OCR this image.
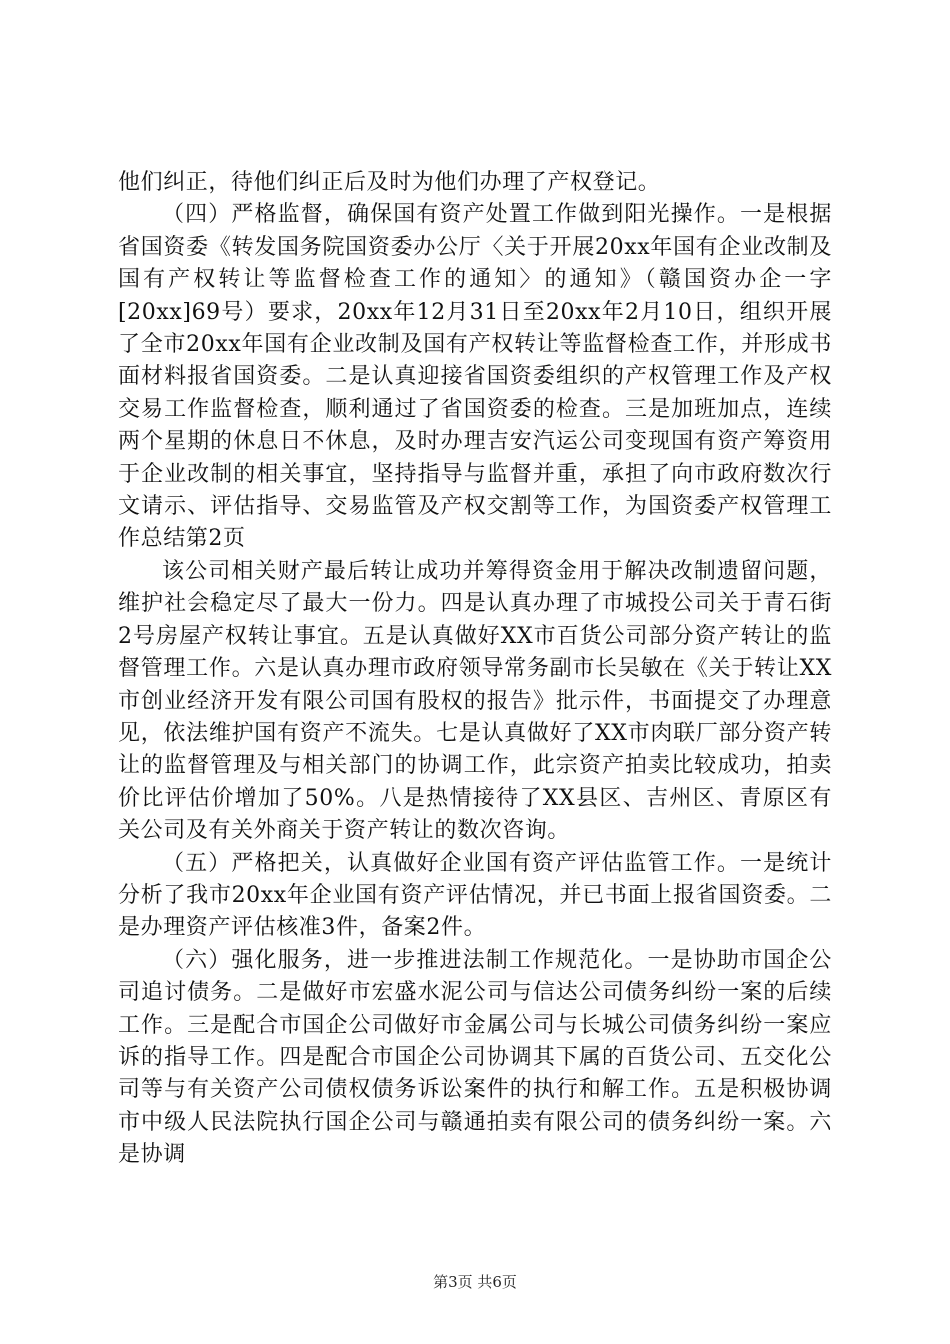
他们纠正，待他们纠正后及时为他们办理了产权登记。

（四）严格监督，确保国有资产处置工作做到阳光操作。一是根据省国资委《转发国务院国资委办公厅〈关于开展20xx年国有企业改制及国有产权转让等监督检查工作的通知〉的通知》（赣国资办企一字[20xx]69号）要求，20xx年12月31日至20xx年2月10日，组织开展了全市20xx年国有企业改制及国有产权转让等监督检查工作，并形成书面材料报省国资委。二是认真迎接省国资委组织的产权管理工作及产权交易工作监督检查，顺利通过了省国资委的检查。三是加班加点，连续两个星期的休息日不休息，及时办理吉安汽运公司变现国有资产筹资用于企业改制的相关事宜，坚持指导与监督并重，承担了向市政府数次行文请示、评估指导、交易监管及产权交割等工作，为国资委产权管理工作总结第2页

该公司相关财产最后转让成功并筹得资金用于解决改制遗留问题，维护社会稳定尽了最大一份力。四是认真办理了市城投公司关于青石街2号房屋产权转让事宜。五是认真做好XX市百货公司部分资产转让的监督管理工作。六是认真办理市政府领导常务副市长吴敏在《关于转让XX市创业经济开发有限公司国有股权的报告》批示件，书面提交了办理意见，依法维护国有资产不流失。七是认真做好了XX市肉联厂部分资产转让的监督管理及与相关部门的协调工作，此宗资产拍卖比较成功，拍卖价比评估价增加了50%。八是热情接待了XX县区、吉州区、青原区有关公司及有关外商关于资产转让的数次咨询。

（五）严格把关，认真做好企业国有资产评估监管工作。一是统计分析了我市20xx年企业国有资产评估情况，并已书面上报省国资委。二是办理资产评估核准3件，备案2件。

（六）强化服务，进一步推进法制工作规范化。一是协助市国企公司追讨债务。二是做好市宏盛水泥公司与信达公司债务纠纷一案的后续工作。三是配合市国企公司做好市金属公司与长城公司债务纠纷一案应诉的指导工作。四是配合市国企公司协调其下属的百货公司、五交化公司等与有关资产公司债权债务诉讼案件的执行和解工作。五是积极协调市中级人民法院执行国企公司与赣通拍卖有限公司的债务纠纷一案。六是协调

第3页 共6页
